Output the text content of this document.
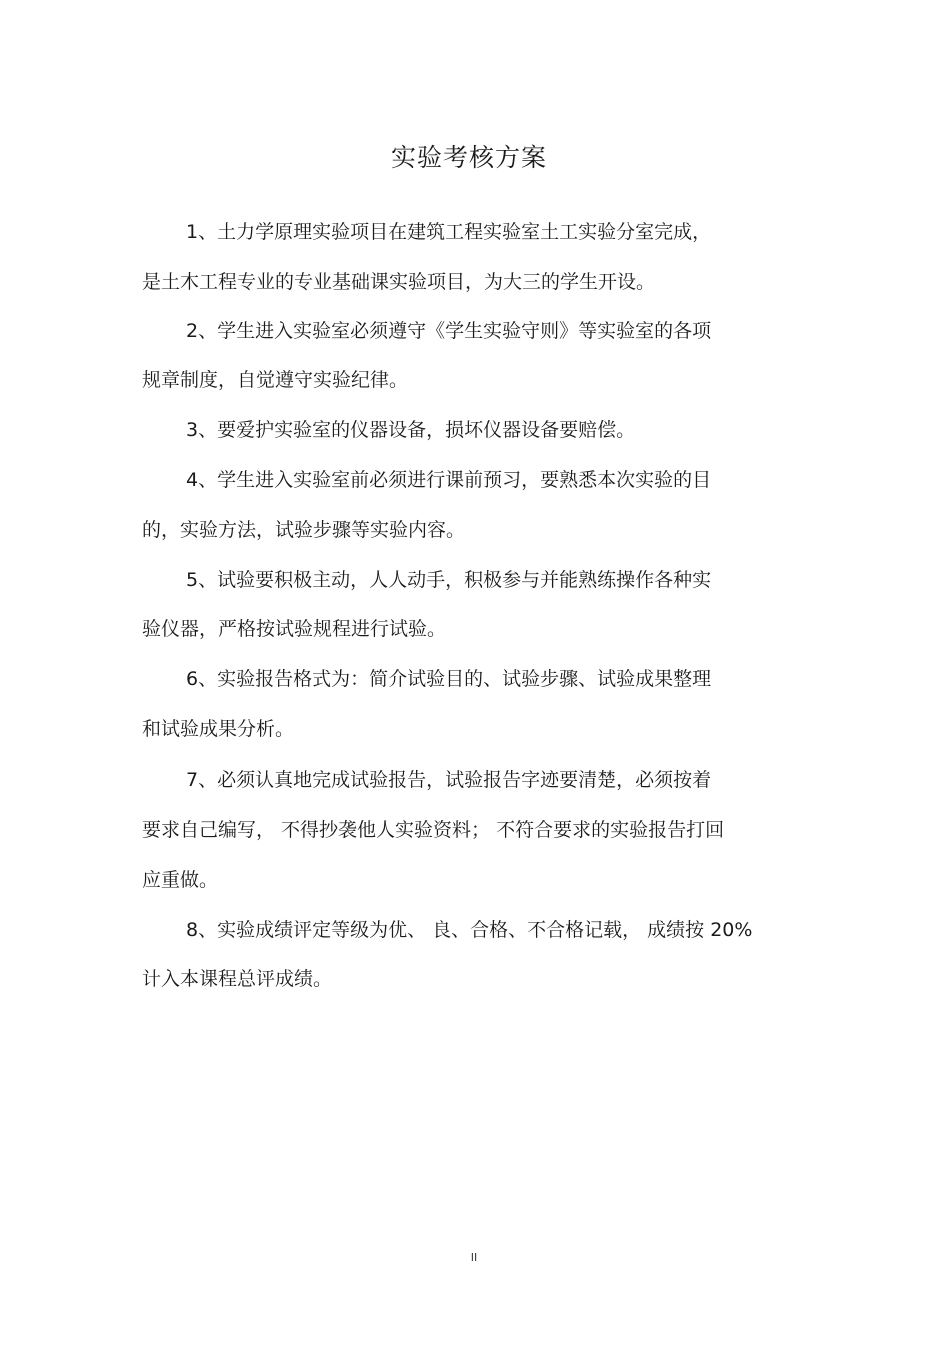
实验考核方案
1、土力学原理实验项目在建筑工程实验室土工实验分室完成，
是土木工程专业的专业基础课实验项目，为大三的学生开设。
2、学生进入实验室必须遵守《学生实验守则》等实验室的各项
规章制度，自觉遵守实验纪律。
3、要爱护实验室的仪器设备，损坏仪器设备要赔偿。
4、学生进入实验室前必须进行课前预习，要熟悉本次实验的目
的，实验方法，试验步骤等实验内容。
5、试验要积极主动，人人动手，积极参与并能熟练操作各种实
验仪器，严格按试验规程进行试验。
6、实验报告格式为：简介试验目的、试验步骤、试验成果整理
和试验成果分析。
7、必须认真地完成试验报告，试验报告字迹要清楚，必须按着
要求自己编写， 不得抄袭他人实验资料； 不符合要求的实验报告打回
应重做。
8、实验成绩评定等级为优、 良、合格、不合格记载， 成绩按 20%
计入本课程总评成绩。
II
